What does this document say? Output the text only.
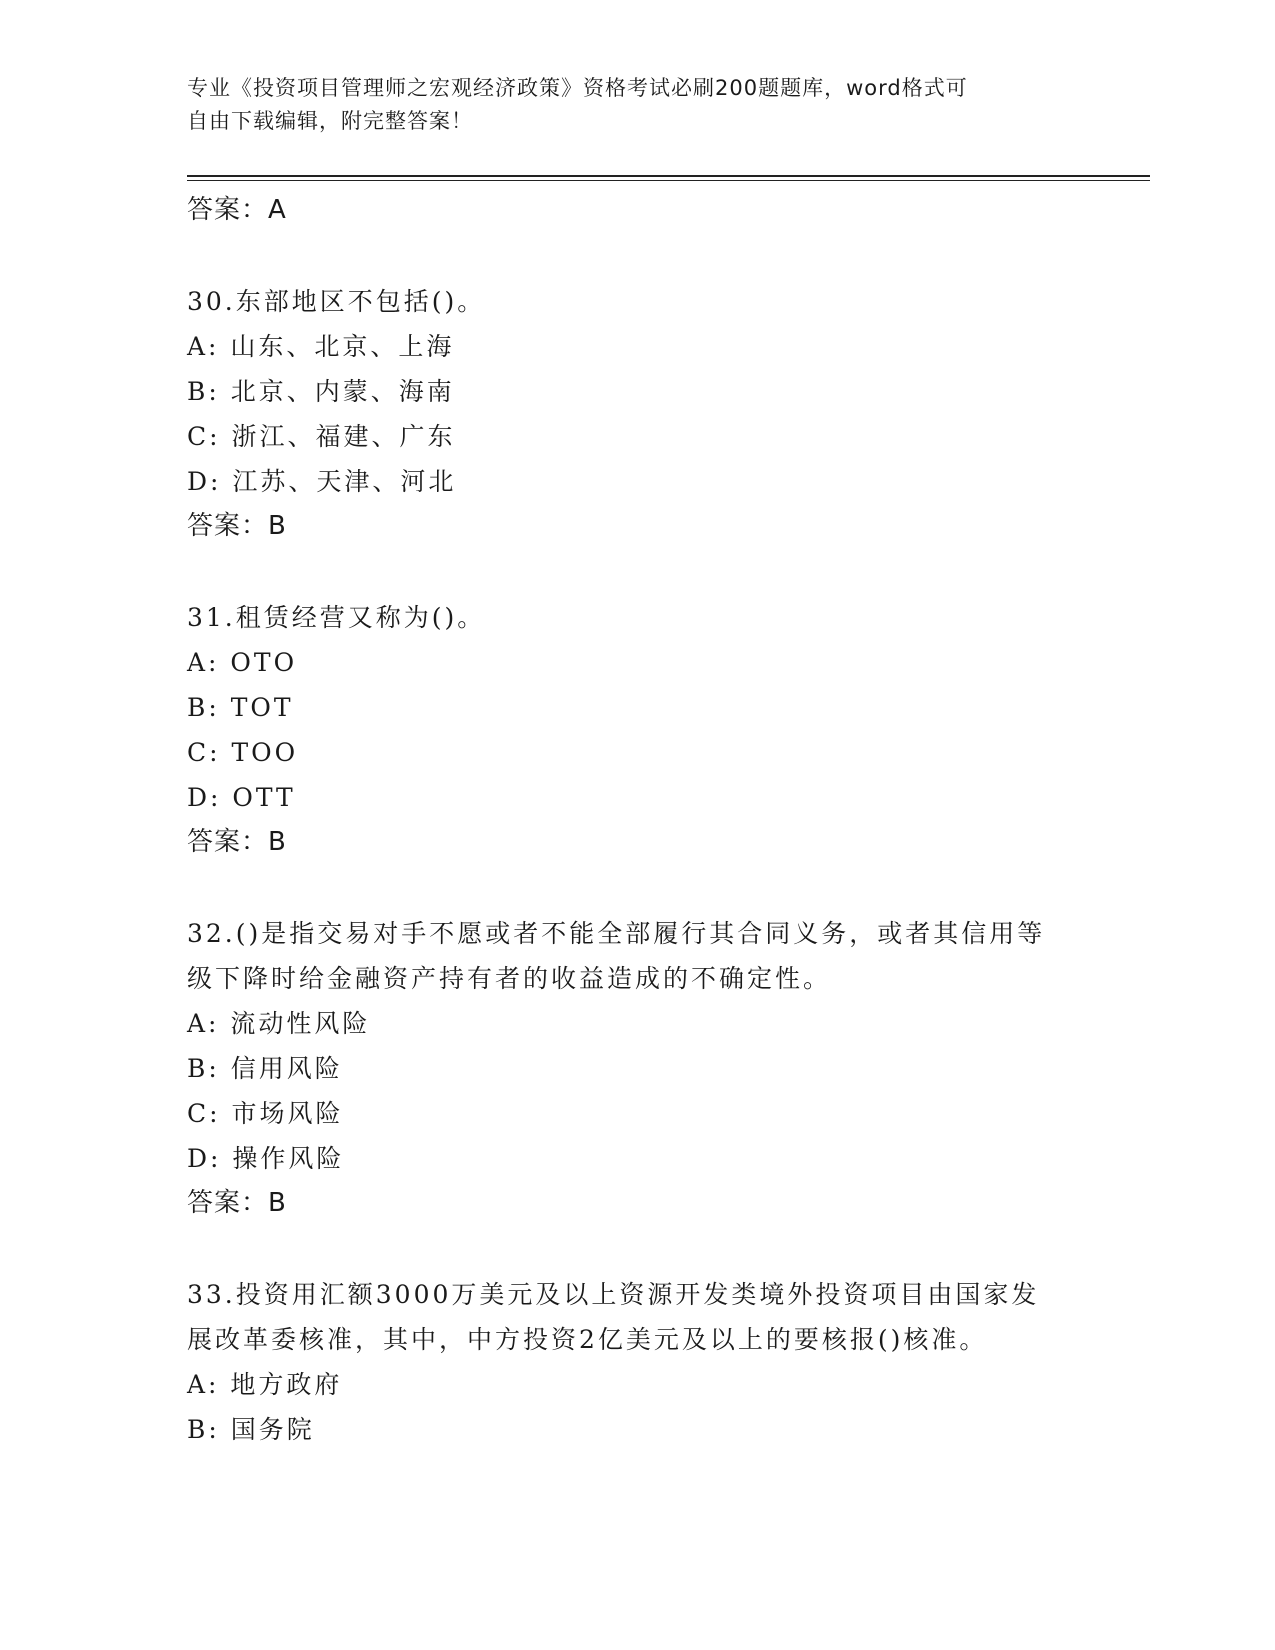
专业《投资项目管理师之宏观经济政策》资格考试必刷200题题库，word格式可
自由下载编辑，附完整答案！
答案：A
30.东部地区不包括()。
A: 山东、北京、上海
B: 北京、内蒙、海南
C: 浙江、福建、广东
D: 江苏、天津、河北
答案：B
31.租赁经营又称为()。
A: OTO
B: TOT
C: TOO
D: OTT
答案：B
32.()是指交易对手不愿或者不能全部履行其合同义务，或者其信用等
级下降时给金融资产持有者的收益造成的不确定性。
A: 流动性风险
B: 信用风险
C: 市场风险
D: 操作风险
答案：B
33.投资用汇额3000万美元及以上资源开发类境外投资项目由国家发
展改革委核准，其中，中方投资2亿美元及以上的要核报()核准。
A: 地方政府
B: 国务院
